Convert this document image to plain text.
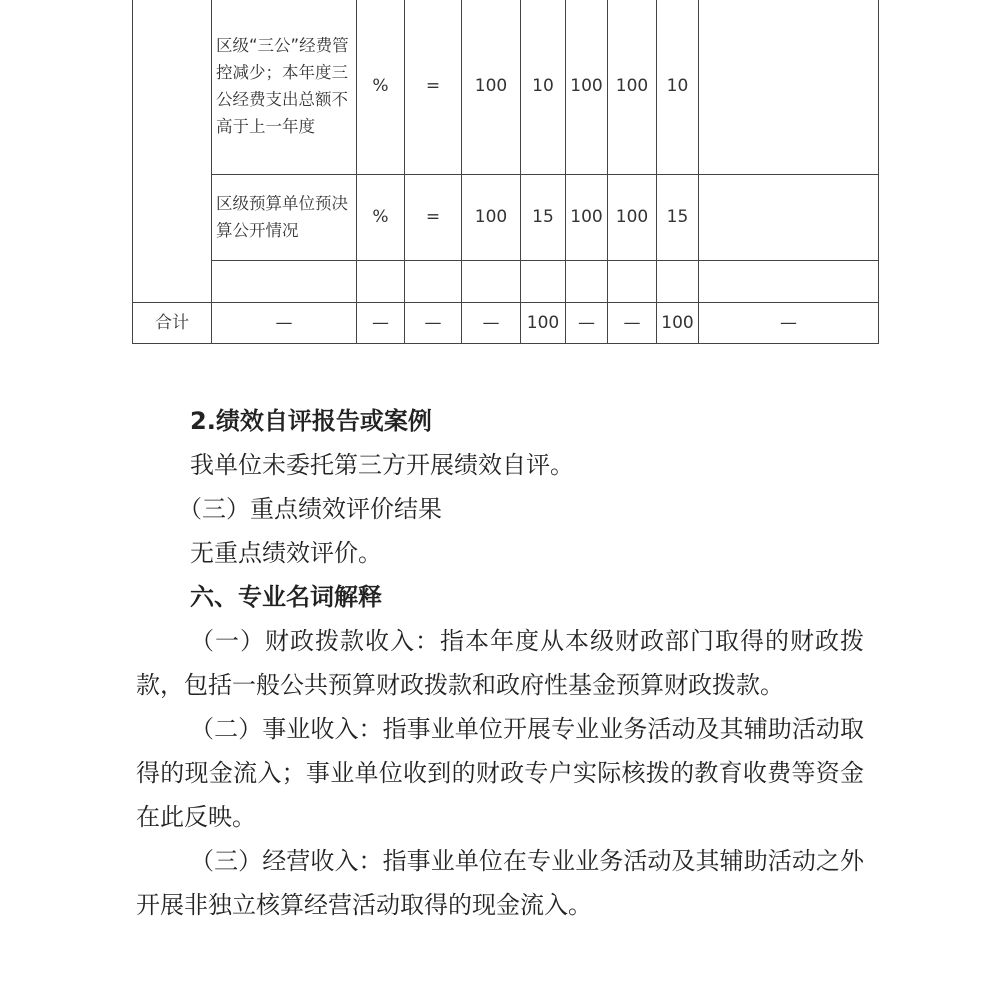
	区级“三公”经费管控减少；本年度三公经费支出总额不高于上一年度	%	=	100	10	100	100	10	
	区级预算单位预决算公开情况	%	=	100	15	100	100	15	

合计	—	—	—	—	100	—	—	100	—

2.绩效自评报告或案例

我单位未委托第三方开展绩效自评。

（三）重点绩效评价结果

无重点绩效评价。

六、专业名词解释

（一）财政拨款收入：指本年度从本级财政部门取得的财政拨款，包括一般公共预算财政拨款和政府性基金预算财政拨款。

（二）事业收入：指事业单位开展专业业务活动及其辅助活动取得的现金流入；事业单位收到的财政专户实际核拨的教育收费等资金在此反映。

（三）经营收入：指事业单位在专业业务活动及其辅助活动之外开展非独立核算经营活动取得的现金流入。
